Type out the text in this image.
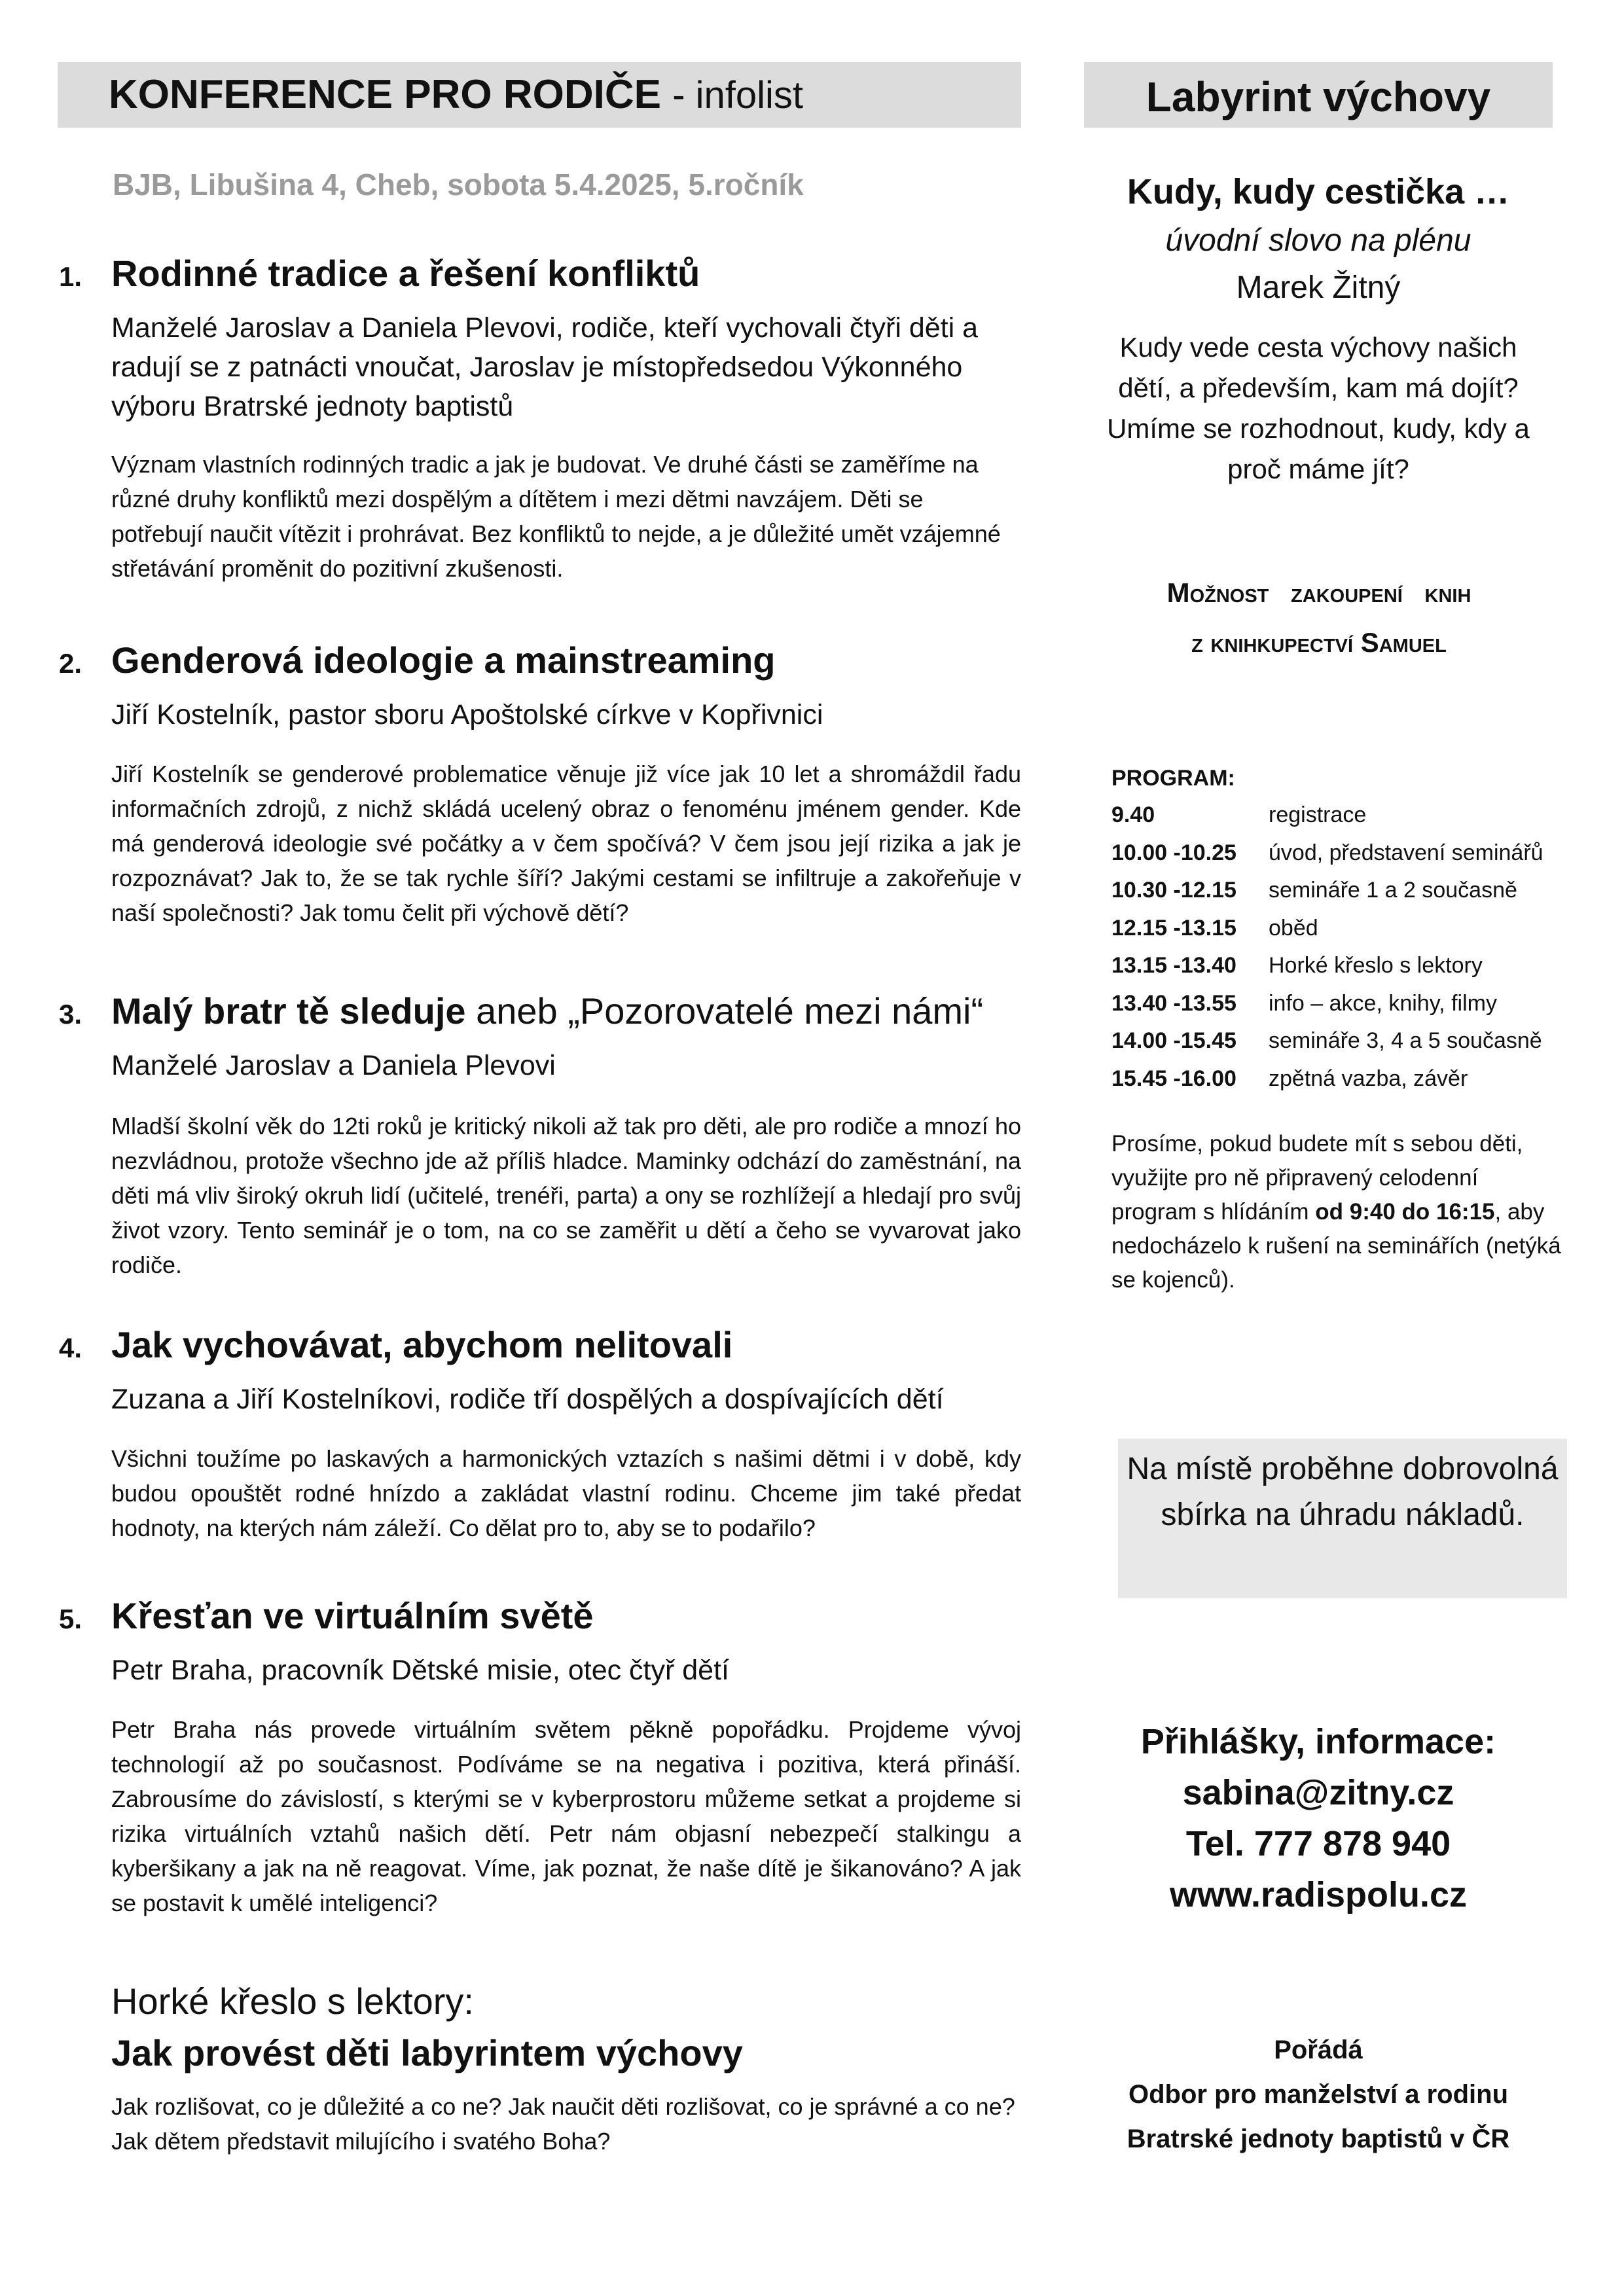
KONFERENCE PRO RODIČE - infolist	Labyrint výchovy
BJB, Libušina 4, Cheb, sobota 5.4.2025, 5.ročník
1. Rodinné tradice a řešení konfliktů
Manželé Jaroslav a Daniela Plevovi, rodiče, kteří vychovali čtyři děti a radují se z patnácti vnoučat, Jaroslav je místopředsedou Výkonného výboru Bratrské jednoty baptistů
Význam vlastních rodinných tradic a jak je budovat. Ve druhé části se zaměříme na různé druhy konfliktů mezi dospělým a dítětem i mezi dětmi navzájem. Děti se potřebují naučit vítězit i prohrávat. Bez konfliktů to nejde, a je důležité umět vzájemné střetávání proměnit do pozitivní zkušenosti.
2. Genderová ideologie a mainstreaming
Jiří Kostelník, pastor sboru Apoštolské církve v Kopřivnici
Jiří Kostelník se genderové problematice věnuje již více jak 10 let a shromáždil řadu informačních zdrojů, z nichž skládá ucelený obraz o fenoménu jménem gender. Kde má genderová ideologie své počátky a v čem spočívá? V čem jsou její rizika a jak je rozpoznávat? Jak to, že se tak rychle šíří? Jakými cestami se infiltruje a zakořeňuje v naší společnosti? Jak tomu čelit při výchově dětí?
3. Malý bratr tě sleduje aneb „Pozorovatelé mezi námi“
Manželé Jaroslav a Daniela Plevovi
Mladší školní věk do 12ti roků je kritický nikoli až tak pro děti, ale pro rodiče a mnozí ho nezvládnou, protože všechno jde až příliš hladce. Maminky odchází do zaměstnání, na děti má vliv široký okruh lidí (učitelé, trenéři, parta) a ony se rozhlížejí a hledají pro svůj život vzory. Tento seminář je o tom, na co se zaměřit u dětí a čeho se vyvarovat jako rodiče.
4. Jak vychovávat, abychom nelitovali
Zuzana a Jiří Kostelníkovi, rodiče tří dospělých a dospívajících dětí
Všichni toužíme po laskavých a harmonických vztazích s našimi dětmi i v době, kdy budou opouštět rodné hnízdo a zakládat vlastní rodinu. Chceme jim také předat hodnoty, na kterých nám záleží. Co dělat pro to, aby se to podařilo?
5. Křesťan ve virtuálním světě
Petr Braha, pracovník Dětské misie, otec čtyř dětí
Petr Braha nás provede virtuálním světem pěkně popořádku. Projdeme vývoj technologií až po současnost. Podíváme se na negativa i pozitiva, která přináší. Zabrousíme do závislostí, s kterými se v kyberprostoru můžeme setkat a projdeme si rizika virtuálních vztahů našich dětí. Petr nám objasní nebezpečí stalkingu a kyberšikany a jak na ně reagovat. Víme, jak poznat, že naše dítě je šikanováno? A jak se postavit k umělé inteligenci?
Horké křeslo s lektory:
Jak provést děti labyrintem výchovy
Jak rozlišovat, co je důležité a co ne? Jak naučit děti rozlišovat, co je správné a co ne? Jak dětem představit milujícího i svatého Boha?
Kudy, kudy cestička …
úvodní slovo na plénu
Marek Žitný
Kudy vede cesta výchovy našich dětí, a především, kam má dojít? Umíme se rozhodnout, kudy, kdy a proč máme jít?
Možnost zakoupení knih
z knihkupectví Samuel
PROGRAM:
9.40	registrace
10.00 -10.25	úvod, představení seminářů
10.30 -12.15	semináře 1 a 2 současně
12.15 -13.15	oběd
13.15 -13.40	Horké křeslo s lektory
13.40 -13.55	info – akce, knihy, filmy
14.00 -15.45	semináře 3, 4 a 5 současně
15.45 -16.00	zpětná vazba, závěr
Prosíme, pokud budete mít s sebou děti, využijte pro ně připravený celodenní program s hlídáním od 9:40 do 16:15, aby nedocházelo k rušení na seminářích (netýká se kojenců).
Na místě proběhne dobrovolná sbírka na úhradu nákladů.
Přihlášky, informace:
sabina@zitny.cz
Tel. 777 878 940
www.radispolu.cz
Pořádá
Odbor pro manželství a rodinu
Bratrské jednoty baptistů v ČR
